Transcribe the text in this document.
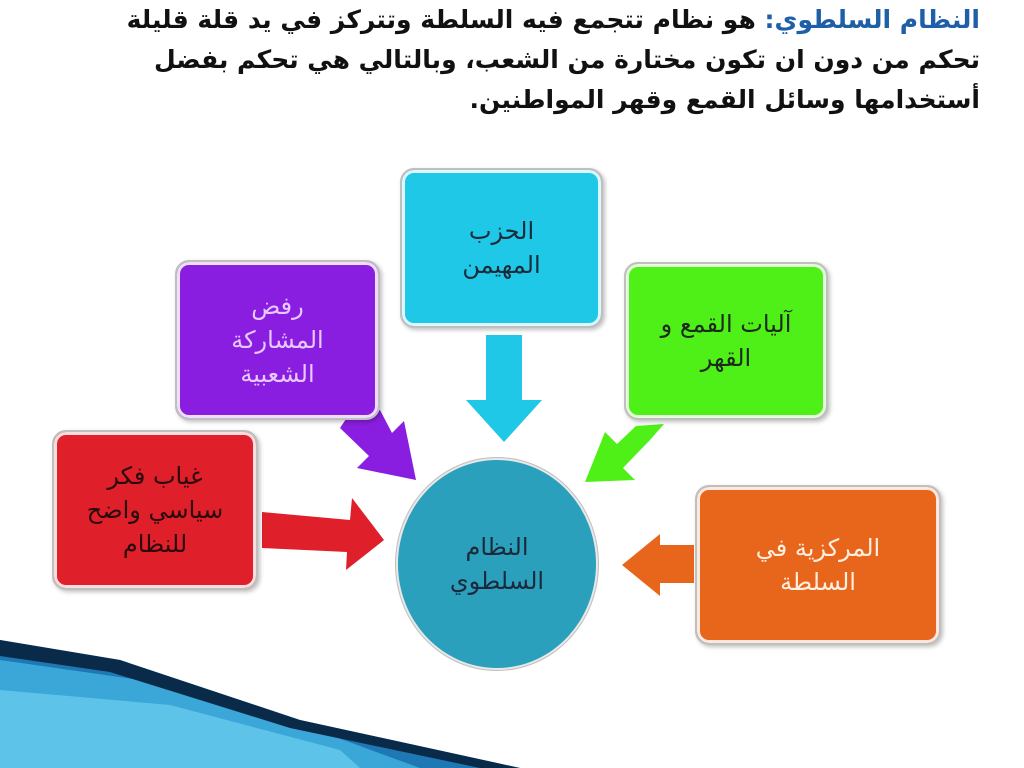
النظام السلطوي: هو نظام تتجمع فيه السلطة وتتركز في يد قلة قليلة تحكم من دون ان تكون مختارة من الشعب، وبالتالي هي تحكم بفضل أستخدامها وسائل القمع وقهر المواطنين.
الحزب
المهيمن
رفض
المشاركة
الشعبية
آليات القمع و
القهر
غياب فكر
سياسي واضح
للنظام	المركزية في
السلطة
النظام
السلطوي
